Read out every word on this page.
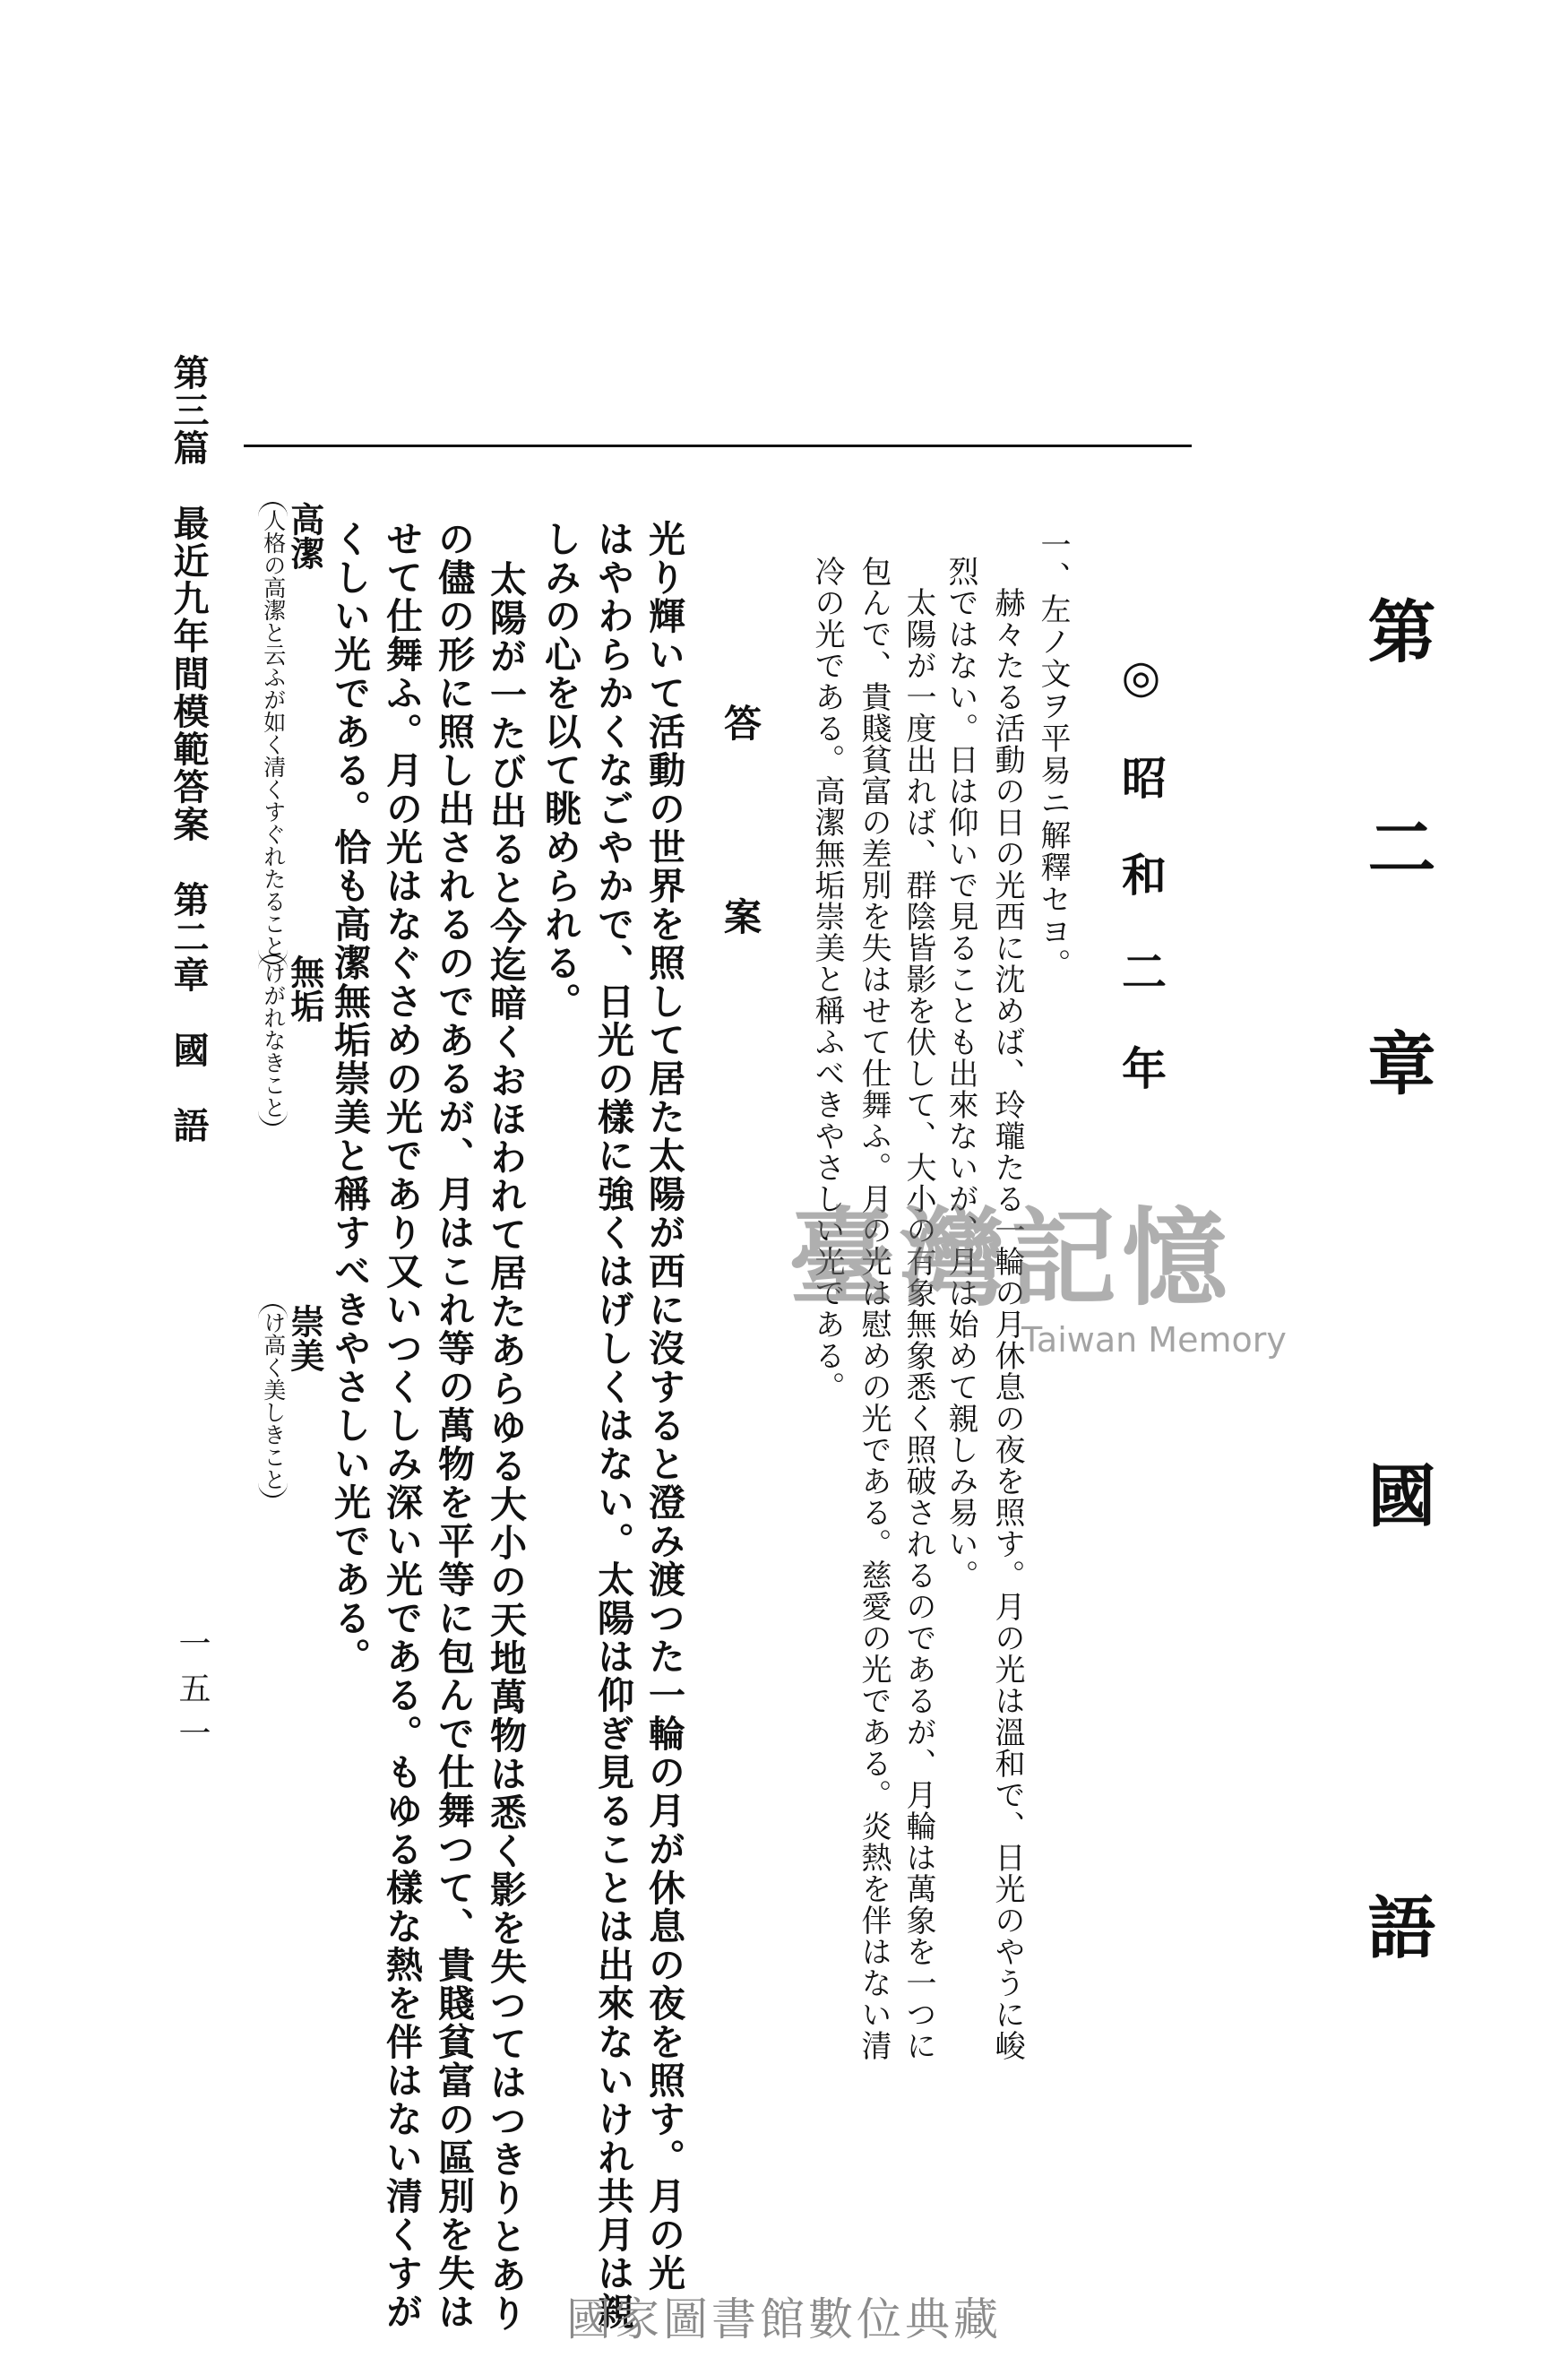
第二章　國　語
◎昭和二年
一、左ノ文ヲ平易ニ解釋セヨ。
赫々たる活動の日の光西に沈めば、玲瓏たる一輪の月休息の夜を照す。月の光は溫和で、日光のやうに峻
烈ではない。日は仰いで見ることも出來ないが、月は始めて親しみ易い。
太陽が一度出れば、群陰皆影を伏して、大小の有象無象悉く照破されるのであるが、月輪は萬象を一つに
包んで、貴賤貧富の差別を失はせて仕舞ふ。月の光は慰めの光である。慈愛の光である。炎熱を伴はない清
冷の光である。高潔無垢崇美と稱ふべきやさしい光である。
答　案
光り輝いて活動の世界を照して居た太陽が西に沒すると澄み渡つた一輪の月が休息の夜を照す。月の光
はやわらかくなごやかで、日光の樣に強くはげしくはない。太陽は仰ぎ見ることは出來ないけれ共月は親
しみの心を以て眺められる。
太陽が一たび出ると今迄暗くおほわれて居たあらゆる大小の天地萬物は悉く影を失つてはつきりとあり
の儘の形に照し出されるのであるが、月はこれ等の萬物を平等に包んで仕舞つて、貴賤貧富の區別を失は
せて仕舞ふ。月の光はなぐさめの光であり又いつくしみ深い光である。もゆる樣な熱を伴はない清くすが
くしい光である。恰も高潔無垢崇美と稱すべきやさしい光である。
高潔
人格の高潔と云ふが如
く清くすぐれたること
無垢
けがれな
きこと
崇美
け高く美
しきこと
第三篇　最近九年間模範答案　第二章　國　語
一五一
臺灣記憶
Taiwan Memory
國家圖書館數位典藏
